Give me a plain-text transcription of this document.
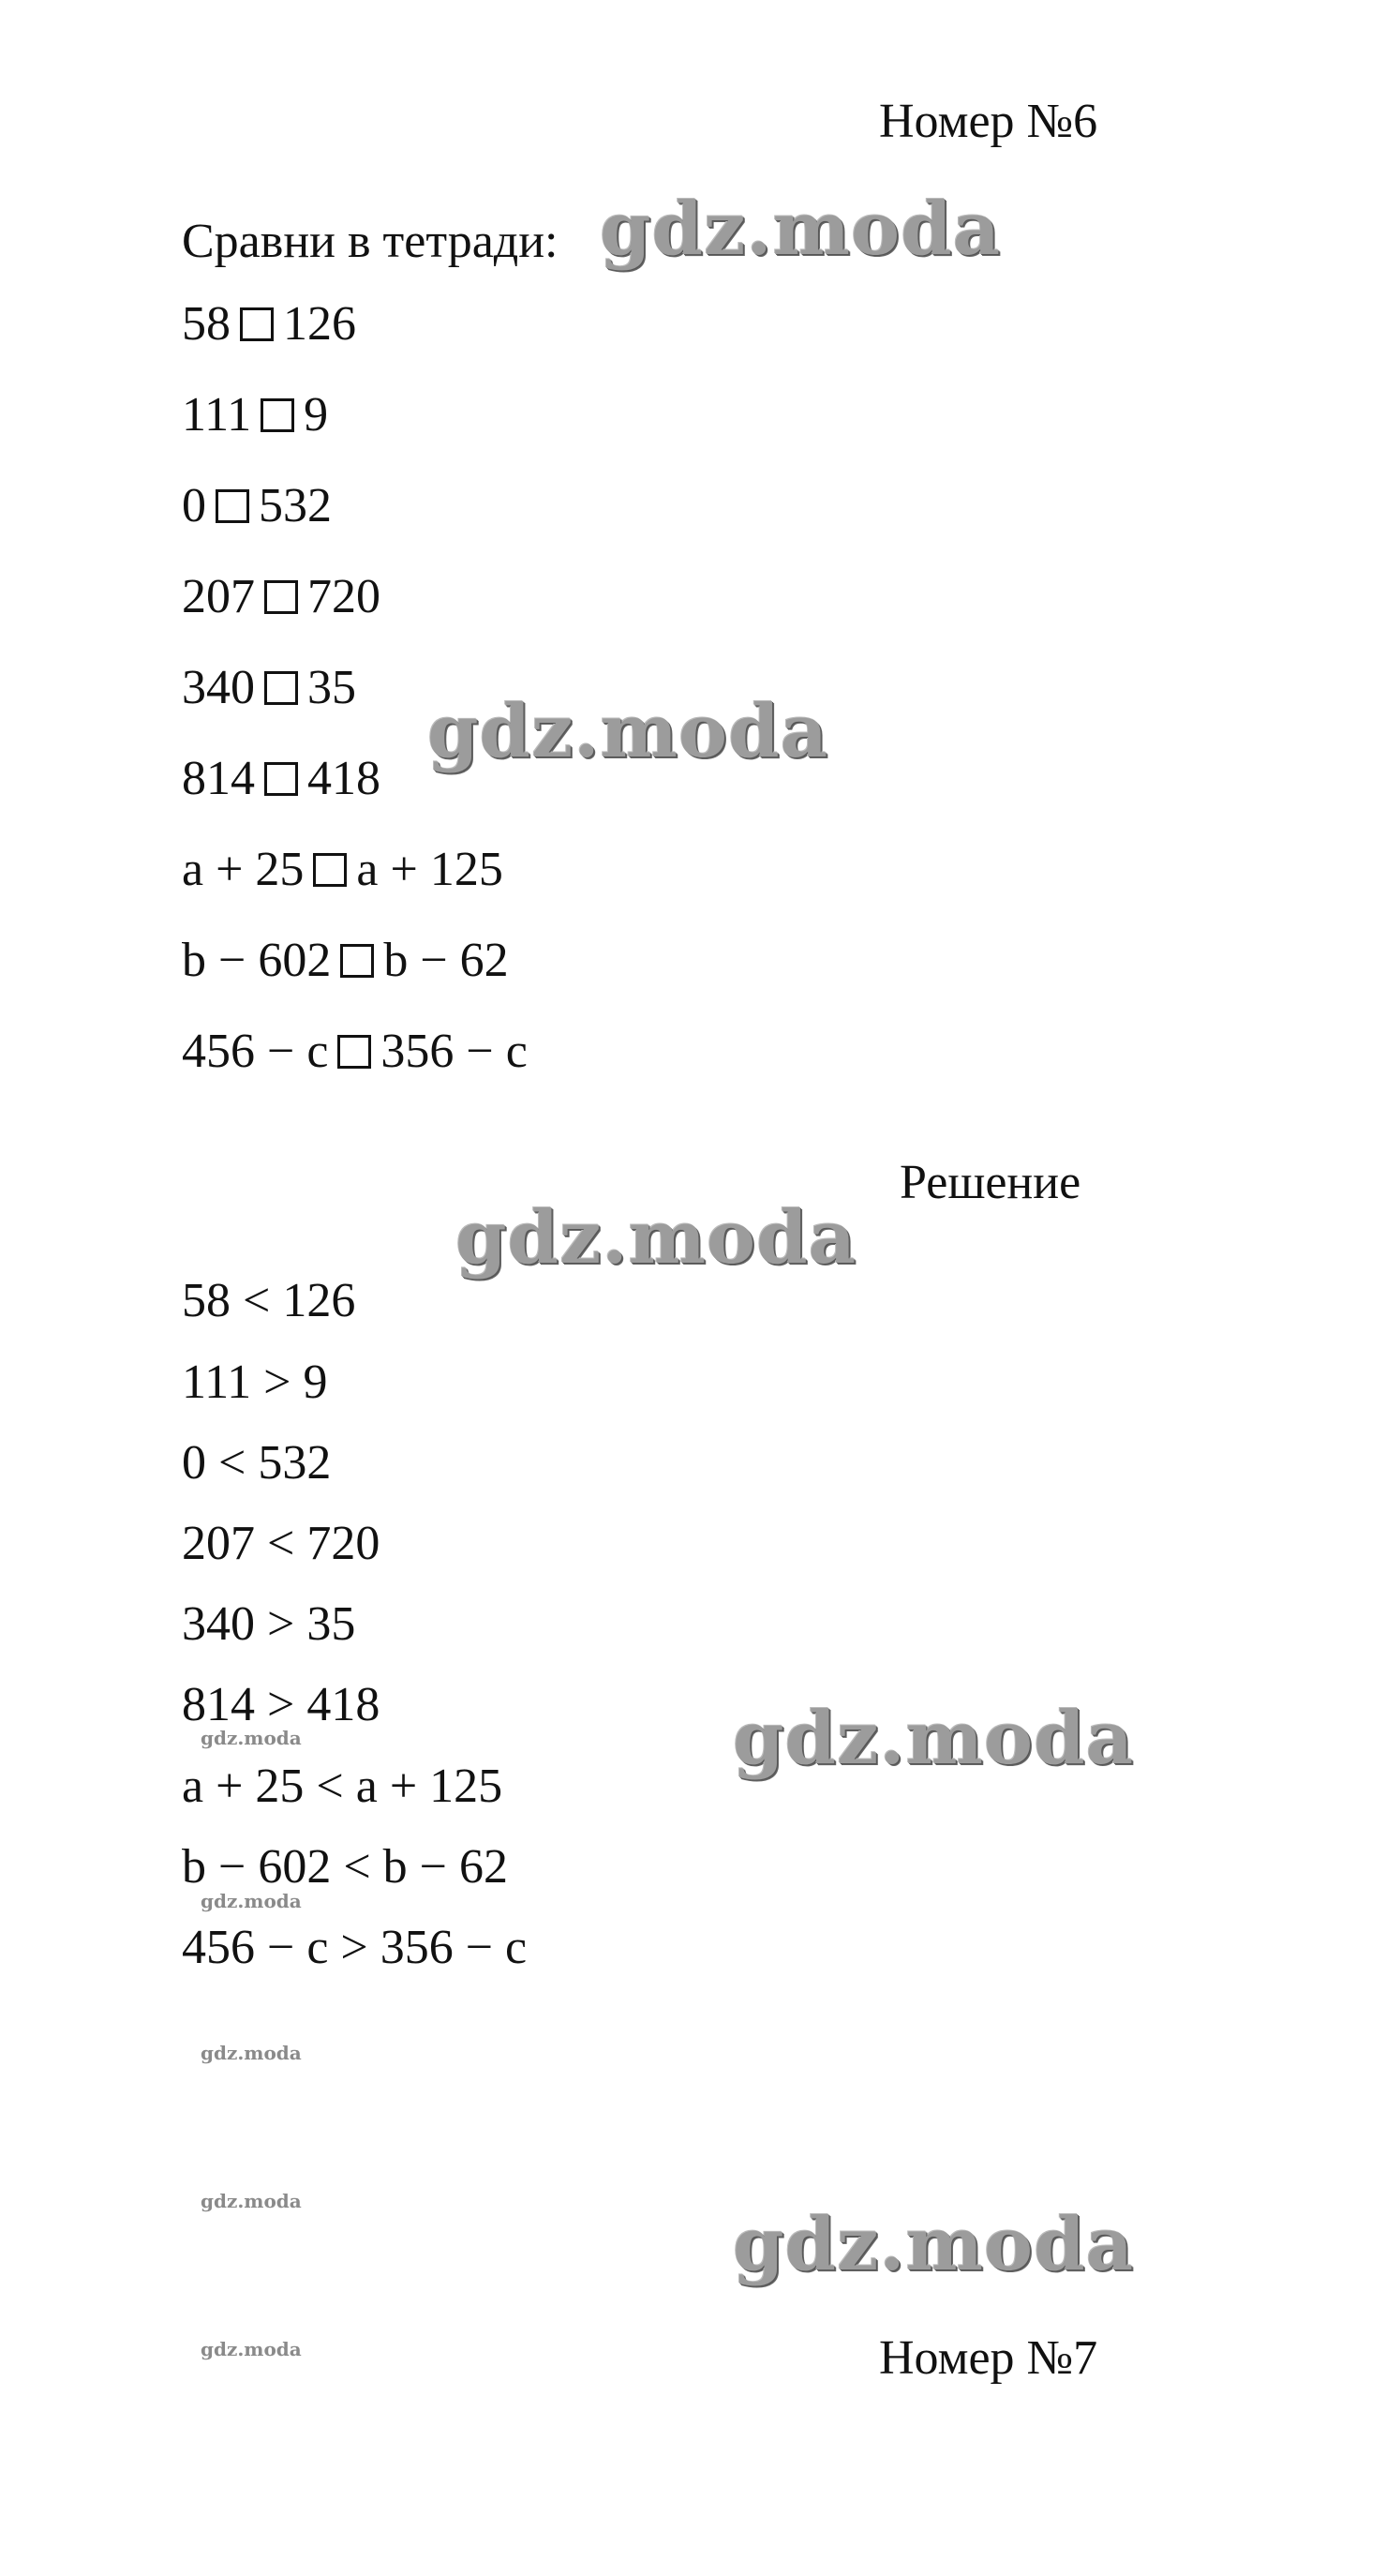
Номер №6
Сравни в тетради:
58 126
111 9
0 532
207 720
340 35
814 418
a + 25 a + 125
b − 602 b − 62
456 − c 356 − c
Решение
58 < 126
111 > 9
0 < 532
207 < 720
340 > 35
814 > 418
a + 25 < a + 125
b − 602 < b − 62
456 − c > 356 − c
Номер №7
gdz.moda
gdz.moda
gdz.moda
gdz.moda
gdz.moda
gdz.moda
gdz.moda
gdz.moda
gdz.moda
gdz.moda
